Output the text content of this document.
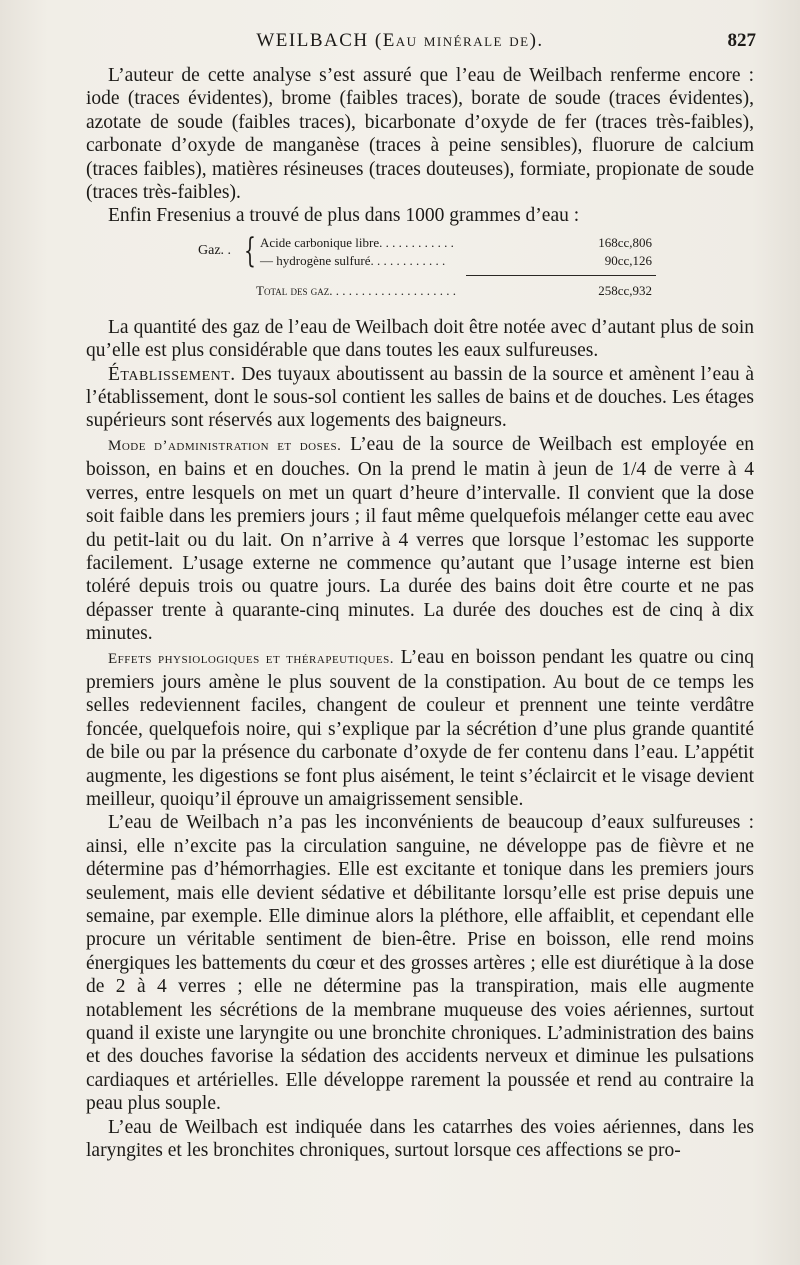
WEILBACH (Eau minérale de).	827

L’auteur de cette analyse s’est assuré que l’eau de Weilbach renferme encore : iode (traces évidentes), brome (faibles traces), borate de soude (traces évidentes), azotate de soude (faibles traces), bicarbonate d’oxyde de fer (traces très-faibles), carbonate d’oxyde de manganèse (traces à peine sensibles), fluorure de calcium (traces faibles), matières résineuses (traces douteuses), formiate, propionate de soude (traces très-faibles).

Enfin Fresenius a trouvé de plus dans 1000 grammes d’eau :

Gaz. . { Acide carbonique libre. . . . . . . . . . . .	168cc,806
— hydrogène sulfuré. . . . . . . . . . . .	90cc,126
Total des gaz. . . . . . . . . . . . . . . . . . . .	258cc,932

La quantité des gaz de l’eau de Weilbach doit être notée avec d’autant plus de soin qu’elle est plus considérable que dans toutes les eaux sulfureuses.

Établissement. Des tuyaux aboutissent au bassin de la source et amènent l’eau à l’établissement, dont le sous-sol contient les salles de bains et de douches. Les étages supérieurs sont réservés aux logements des baigneurs.

Mode d’administration et doses. L’eau de la source de Weilbach est employée en boisson, en bains et en douches. On la prend le matin à jeun de 1/4 de verre à 4 verres, entre lesquels on met un quart d’heure d’intervalle. Il convient que la dose soit faible dans les premiers jours ; il faut même quelquefois mélanger cette eau avec du petit-lait ou du lait. On n’arrive à 4 verres que lorsque l’estomac les supporte facilement. L’usage externe ne commence qu’autant que l’usage interne est bien toléré depuis trois ou quatre jours. La durée des bains doit être courte et ne pas dépasser trente à quarante-cinq minutes. La durée des douches est de cinq à dix minutes.

Effets physiologiques et thérapeutiques. L’eau en boisson pendant les quatre ou cinq premiers jours amène le plus souvent de la constipation. Au bout de ce temps les selles redeviennent faciles, changent de couleur et prennent une teinte verdâtre foncée, quelquefois noire, qui s’explique par la sécrétion d’une plus grande quantité de bile ou par la présence du carbonate d’oxyde de fer contenu dans l’eau. L’appétit augmente, les digestions se font plus aisément, le teint s’éclaircit et le visage devient meilleur, quoiqu’il éprouve un amaigrissement sensible.

L’eau de Weilbach n’a pas les inconvénients de beaucoup d’eaux sulfureuses : ainsi, elle n’excite pas la circulation sanguine, ne développe pas de fièvre et ne détermine pas d’hémorrhagies. Elle est excitante et tonique dans les premiers jours seulement, mais elle devient sédative et débilitante lorsqu’elle est prise depuis une semaine, par exemple. Elle diminue alors la pléthore, elle affaiblit, et cependant elle procure un véritable sentiment de bien-être. Prise en boisson, elle rend moins énergiques les battements du cœur et des grosses artères ; elle est diurétique à la dose de 2 à 4 verres ; elle ne détermine pas la transpiration, mais elle augmente notablement les sécrétions de la membrane muqueuse des voies aériennes, surtout quand il existe une laryngite ou une bronchite chroniques. L’administration des bains et des douches favorise la sédation des accidents nerveux et diminue les pulsations cardiaques et artérielles. Elle développe rarement la poussée et rend au contraire la peau plus souple.

L’eau de Weilbach est indiquée dans les catarrhes des voies aériennes, dans les laryngites et les bronchites chroniques, surtout lorsque ces affections se pro-
